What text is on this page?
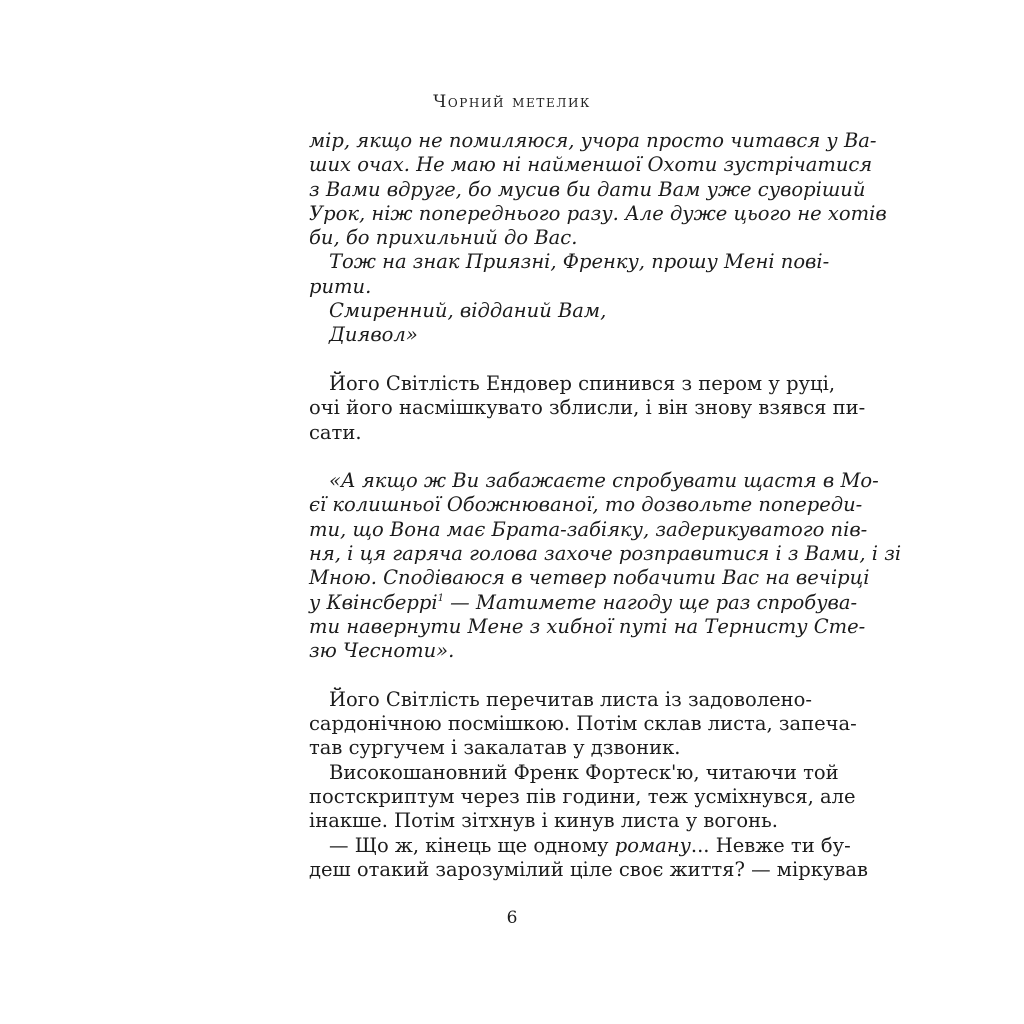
Чорний метелик
мір, якщо не помиляюся, учора просто читався у Ва-
ших очах. Не маю ні найменшої Охоти зустрічатися
з Вами вдруге, бо мусив би дати Вам уже суворіший
Урок, ніж попереднього разу. Але дуже цього не хотів
би, бо прихильний до Вас.
Тож на знак Приязні, Френку, прошу Мені пові-
рити.
Смиренний, відданий Вам,
Диявол»
Його Світлість Ендовер спинився з пером у руці,
очі його насмішкувато зблисли, і він знову взявся пи-
сати.
«А якщо ж Ви забажаєте спробувати щастя в Мо-
єї колишньої Обожнюваної, то дозвольте попереди-
ти, що Вона має Брата-забіяку, задерикуватого пів-
ня, і ця гаряча голова захоче розправитися і з Вами, і зі
Мною. Сподіваюся в четвер побачити Вас на вечірці
у Квінсберрі$^1$ — Матимете нагоду ще раз спробува-
ти навернути Мене з хибної путі на Тернисту Сте-
зю Чесноти».
Його Світлість перечитав листа із задоволено-
сардонічною посмішкою. Потім склав листа, запеча-
тав сургучем і закалатав у дзвоник.
Високошановний Френк Фортеск'ю, читаючи той
постскриптум через пів години, теж усміхнувся, але
інакше. Потім зітхнув і кинув листа у вогонь.
— Що ж, кінець ще одному роману... Невже ти бу-
деш отакий зарозумілий ціле своє життя? — міркував
6
